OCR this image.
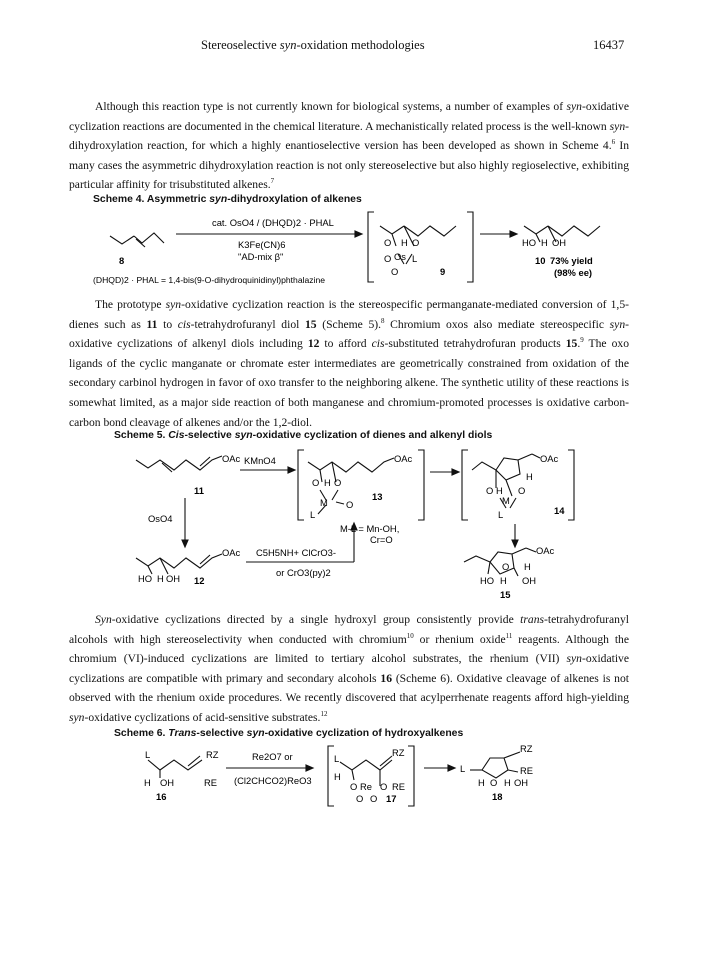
Stereoselective syn-oxidation methodologies	16437

Although this reaction type is not currently known for biological systems, a number of examples of syn-oxidative cyclization reactions are documented in the chemical literature. A mechanistically related process is the well-known syn-dihydroxylation reaction, for which a highly enantioselective version has been developed as shown in Scheme 4.$^6$ In many cases the asymmetric dihydroxylation reaction is not only stereoselective but also highly regioselective, exhibiting particular affinity for trisubstituted alkenes.$^7$

Scheme 4. Asymmetric syn-dihydroxylation of alkenes
cat. OsO4 / (DHQD)2 · PHAL
K3Fe(CN)6
"AD-mix β"
8
(DHQD)2 · PHAL = 1,4-bis(9-O-dihydroquinidinyl)phthalazine
O H O
O Os L
O	9
HO H OH
10 73% yield
(98% ee)

The prototype syn-oxidative cyclization reaction is the stereospecific permanganate-mediated conversion of 1,5-dienes such as 11 to cis-tetrahydrofuranyl diol 15 (Scheme 5).$^8$ Chromium oxos also mediate stereospecific syn-oxidative cyclizations of alkenyl diols including 12 to afford cis-substituted tetrahydrofuran products 15.$^9$ The oxo ligands of the cyclic manganate or chromate ester intermediates are geometrically constrained from oxidation of the secondary carbinol hydrogen in favor of oxo transfer to the neighboring alkene. The synthetic utility of these reactions is somewhat limited, as a major side reaction of both manganese and chromium-promoted processes is oxidative carbon-carbon bond cleavage of alkenes and/or the 1,2-diol.

Scheme 5. Cis-selective syn-oxidative cyclization of dienes and alkenyl diols
OAc KMnO4
11
OAc
O H O
M O
L
13
M-L = Mn-OH,
Cr=O
OAc
H
O H O
M
L	14
OsO4
OAc
HO H OH 12
C5H5NH+ ClCrO3-
or CrO3(py)2
OAc
O H
HO H OH
15

Syn-oxidative cyclizations directed by a single hydroxyl group consistently provide trans-tetrahydrofuranyl alcohols with high stereoselectivity when conducted with chromium$^{10}$ or rhenium oxide$^{11}$ reagents. Although the chromium (VI)-induced cyclizations are limited to tertiary alcohol substrates, the rhenium (VII) syn-oxidative cyclizations are compatible with primary and secondary alcohols 16 (Scheme 6). Oxidative cleavage of alkenes is not observed with the rhenium oxide procedures. We recently discovered that acylperrhenate reagents afford high-yielding syn-oxidative cyclizations of acid-sensitive substrates.$^{12}$

Scheme 6. Trans-selective syn-oxidative cyclization of hydroxyalkenes
L	RZ
H OH	RE
16
Re2O7 or
(Cl2CHCO2)ReO3
L
RZ
H
O Re O RE
O O 17
L
RZ
RE
H O H OH
18
